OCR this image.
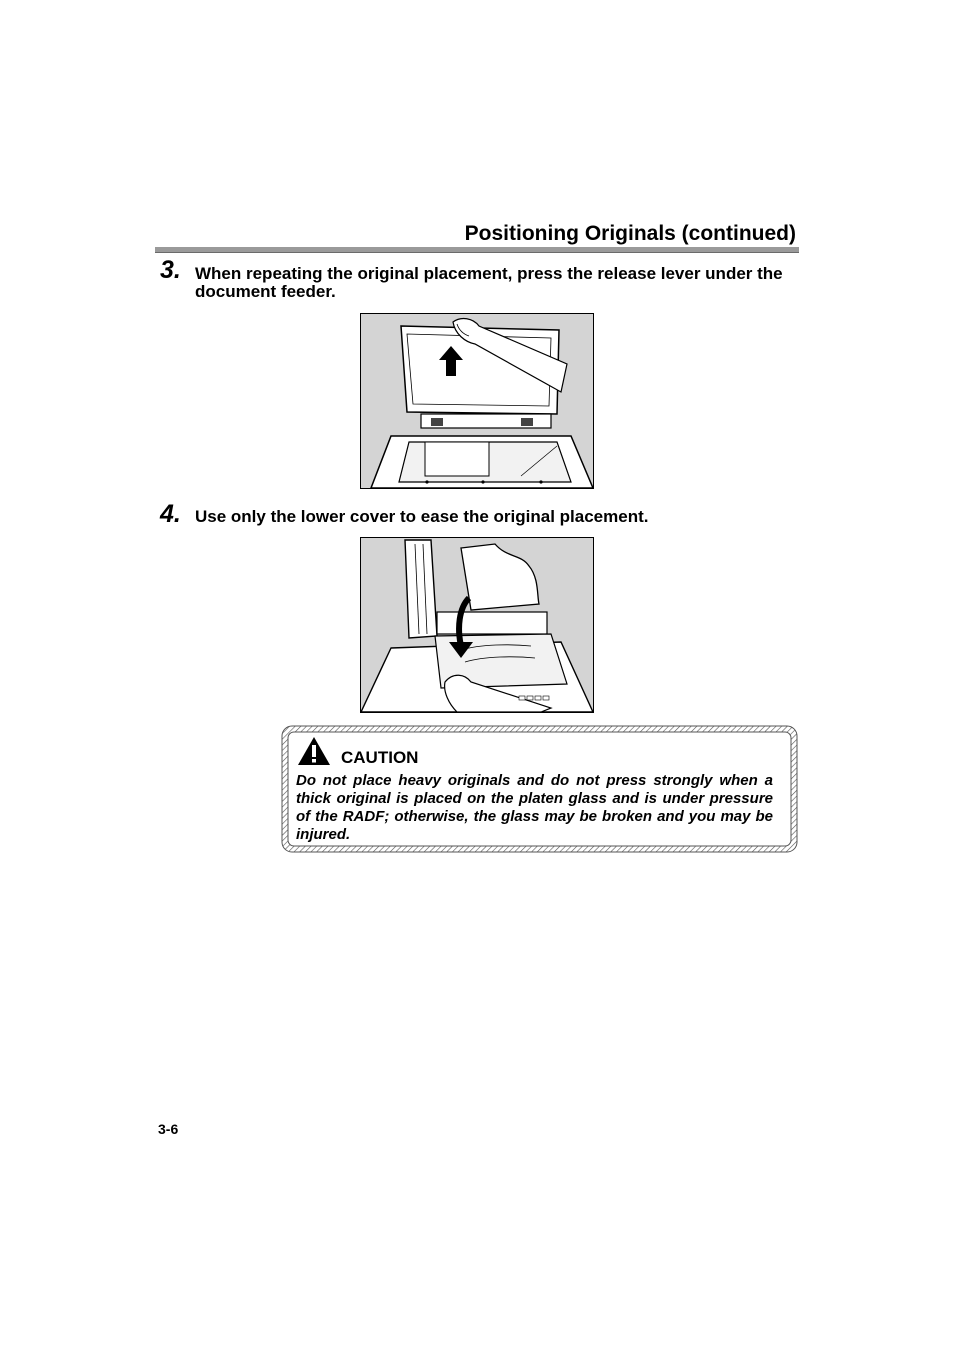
Positioning Originals (continued)
3. When repeating the original placement, press the release lever under the document feeder.
4. Use only the lower cover to ease the original placement.
CAUTION
Do not place heavy originals and do not press strongly when a thick original is placed on the platen glass and is under pressure of the RADF; otherwise, the glass may be broken and you may be injured.
3-6
